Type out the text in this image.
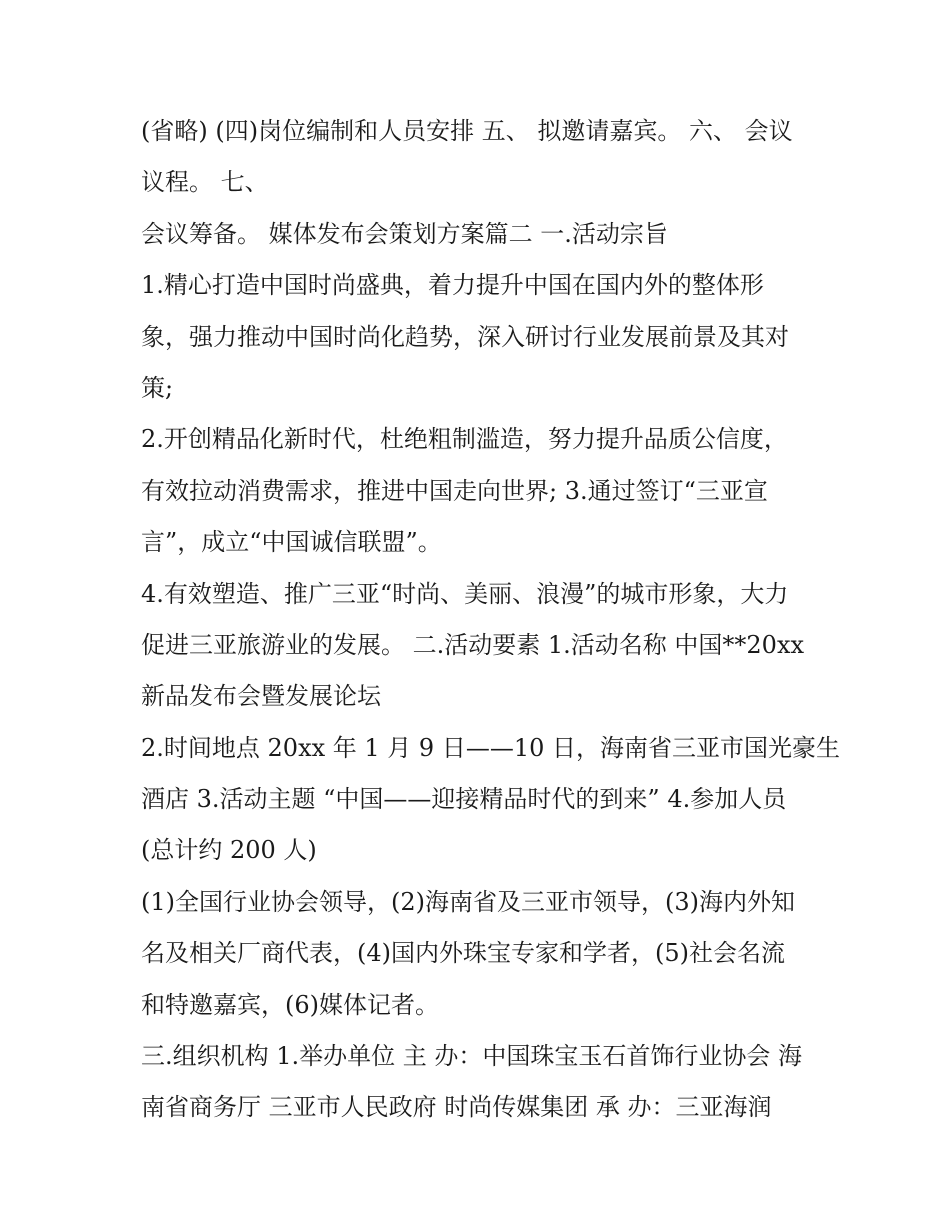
(省略) (四)岗位编制和人员安排 五、 拟邀请嘉宾。 六、 会议
议程。 七、
会议筹备。 媒体发布会策划方案篇二 一.活动宗旨
1.精心打造中国时尚盛典，着力提升中国在国内外的整体形
象，强力推动中国时尚化趋势，深入研讨行业发展前景及其对
策;
2.开创精品化新时代，杜绝粗制滥造，努力提升品质公信度，
有效拉动消费需求，推进中国走向世界; 3.通过签订“三亚宣
言”，成立“中国诚信联盟”。
4.有效塑造、推广三亚“时尚、美丽、浪漫”的城市形象，大力
促进三亚旅游业的发展。 二.活动要素 1.活动名称 中国**20xx
新品发布会暨发展论坛
2.时间地点 20xx 年 1 月 9 日——10 日，海南省三亚市国光豪生
酒店 3.活动主题 “中国——迎接精品时代的到来” 4.参加人员
(总计约 200 人)
(1)全国行业协会领导，(2)海南省及三亚市领导，(3)海内外知
名及相关厂商代表，(4)国内外珠宝专家和学者，(5)社会名流
和特邀嘉宾，(6)媒体记者。
三.组织机构 1.举办单位 主 办：中国珠宝玉石首饰行业协会 海
南省商务厅 三亚市人民政府 时尚传媒集团 承 办：三亚海润
